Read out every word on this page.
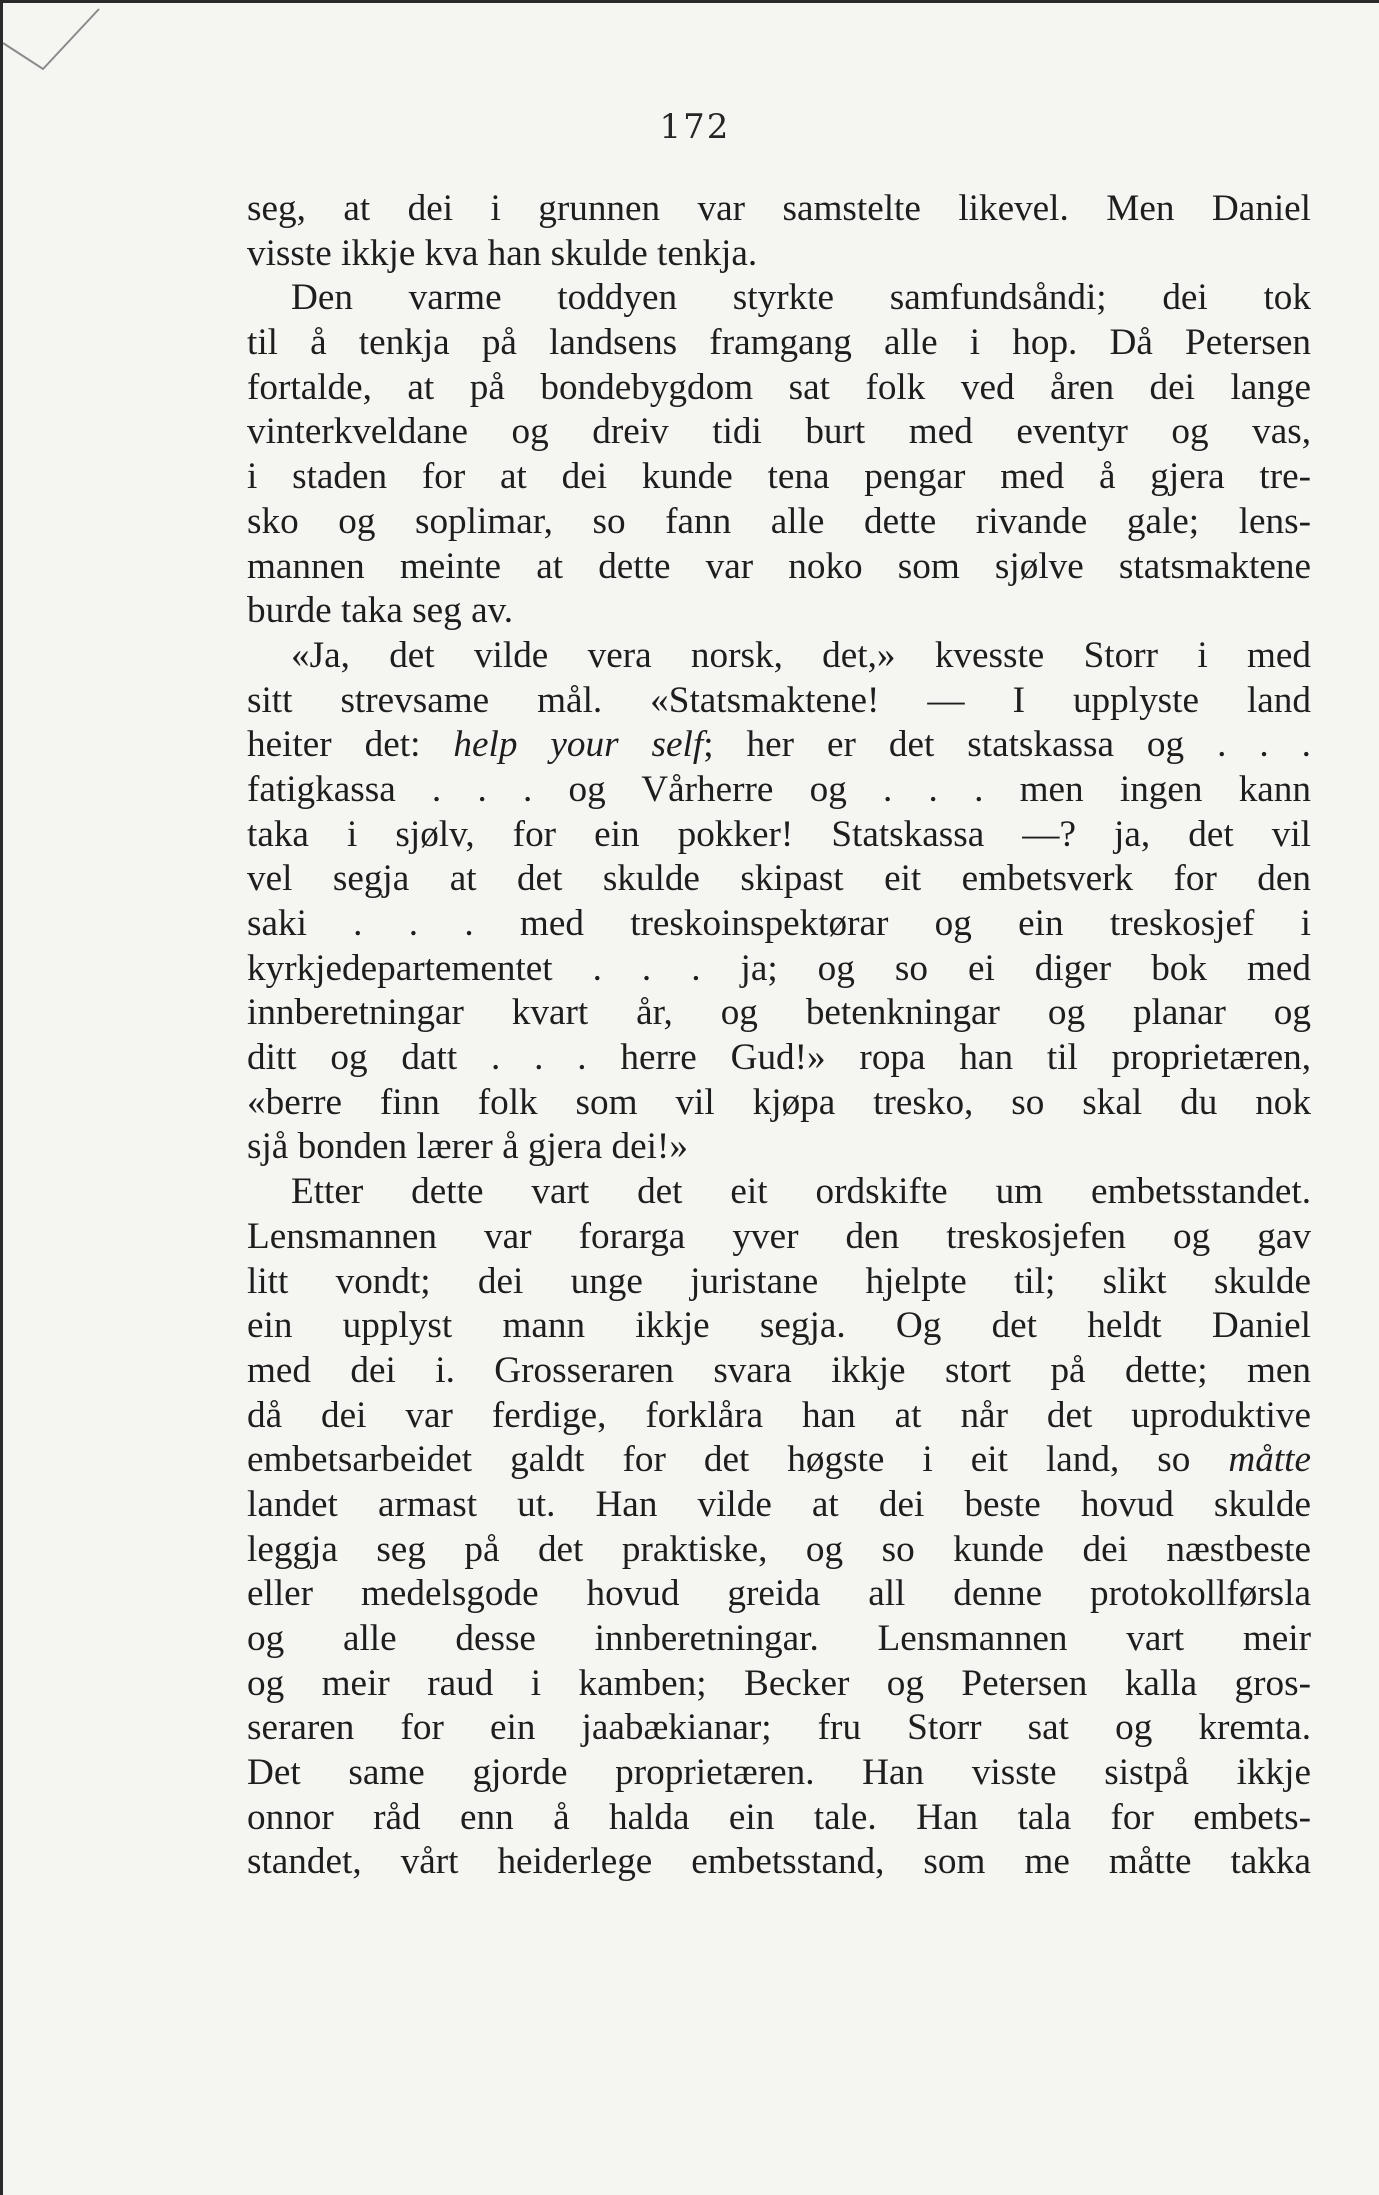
172
seg, at dei i grunnen var samstelte likevel. Men Daniel
visste ikkje kva han skulde tenkja.
Den varme toddyen styrkte samfundsåndi; dei tok
til å tenkja på landsens framgang alle i hop. Då Petersen
fortalde, at på bondebygdom sat folk ved åren dei lange
vinterkveldane og dreiv tidi burt med eventyr og vas,
i staden for at dei kunde tena pengar med å gjera tre-
sko og soplimar, so fann alle dette rivande gale; lens-
mannen meinte at dette var noko som sjølve statsmaktene
burde taka seg av.
«Ja, det vilde vera norsk, det,» kvesste Storr i med
sitt strevsame mål. «Statsmaktene! — I upplyste land
heiter det: help your self; her er det statskassa og . . .
fatigkassa . . . og Vårherre og . . . men ingen kann
taka i sjølv, for ein pokker! Statskassa —? ja, det vil
vel segja at det skulde skipast eit embetsverk for den
saki . . . med treskoinspektørar og ein treskosjef i
kyrkjedepartementet . . . ja; og so ei diger bok med
innberetningar kvart år, og betenkningar og planar og
ditt og datt . . . herre Gud!» ropa han til proprietæren,
«berre finn folk som vil kjøpa tresko, so skal du nok
sjå bonden lærer å gjera dei!»
Etter dette vart det eit ordskifte um embetsstandet.
Lensmannen var forarga yver den treskosjefen og gav
litt vondt; dei unge juristane hjelpte til; slikt skulde
ein upplyst mann ikkje segja. Og det heldt Daniel
med dei i. Grosseraren svara ikkje stort på dette; men
då dei var ferdige, forklåra han at når det uproduktive
embetsarbeidet galdt for det høgste i eit land, so måtte
landet armast ut. Han vilde at dei beste hovud skulde
leggja seg på det praktiske, og so kunde dei næstbeste
eller medelsgode hovud greida all denne protokollførsla
og alle desse innberetningar. Lensmannen vart meir
og meir raud i kamben; Becker og Petersen kalla gros-
seraren for ein jaabækianar; fru Storr sat og kremta.
Det same gjorde proprietæren. Han visste sistpå ikkje
onnor råd enn å halda ein tale. Han tala for embets-
standet, vårt heiderlege embetsstand, som me måtte takka
